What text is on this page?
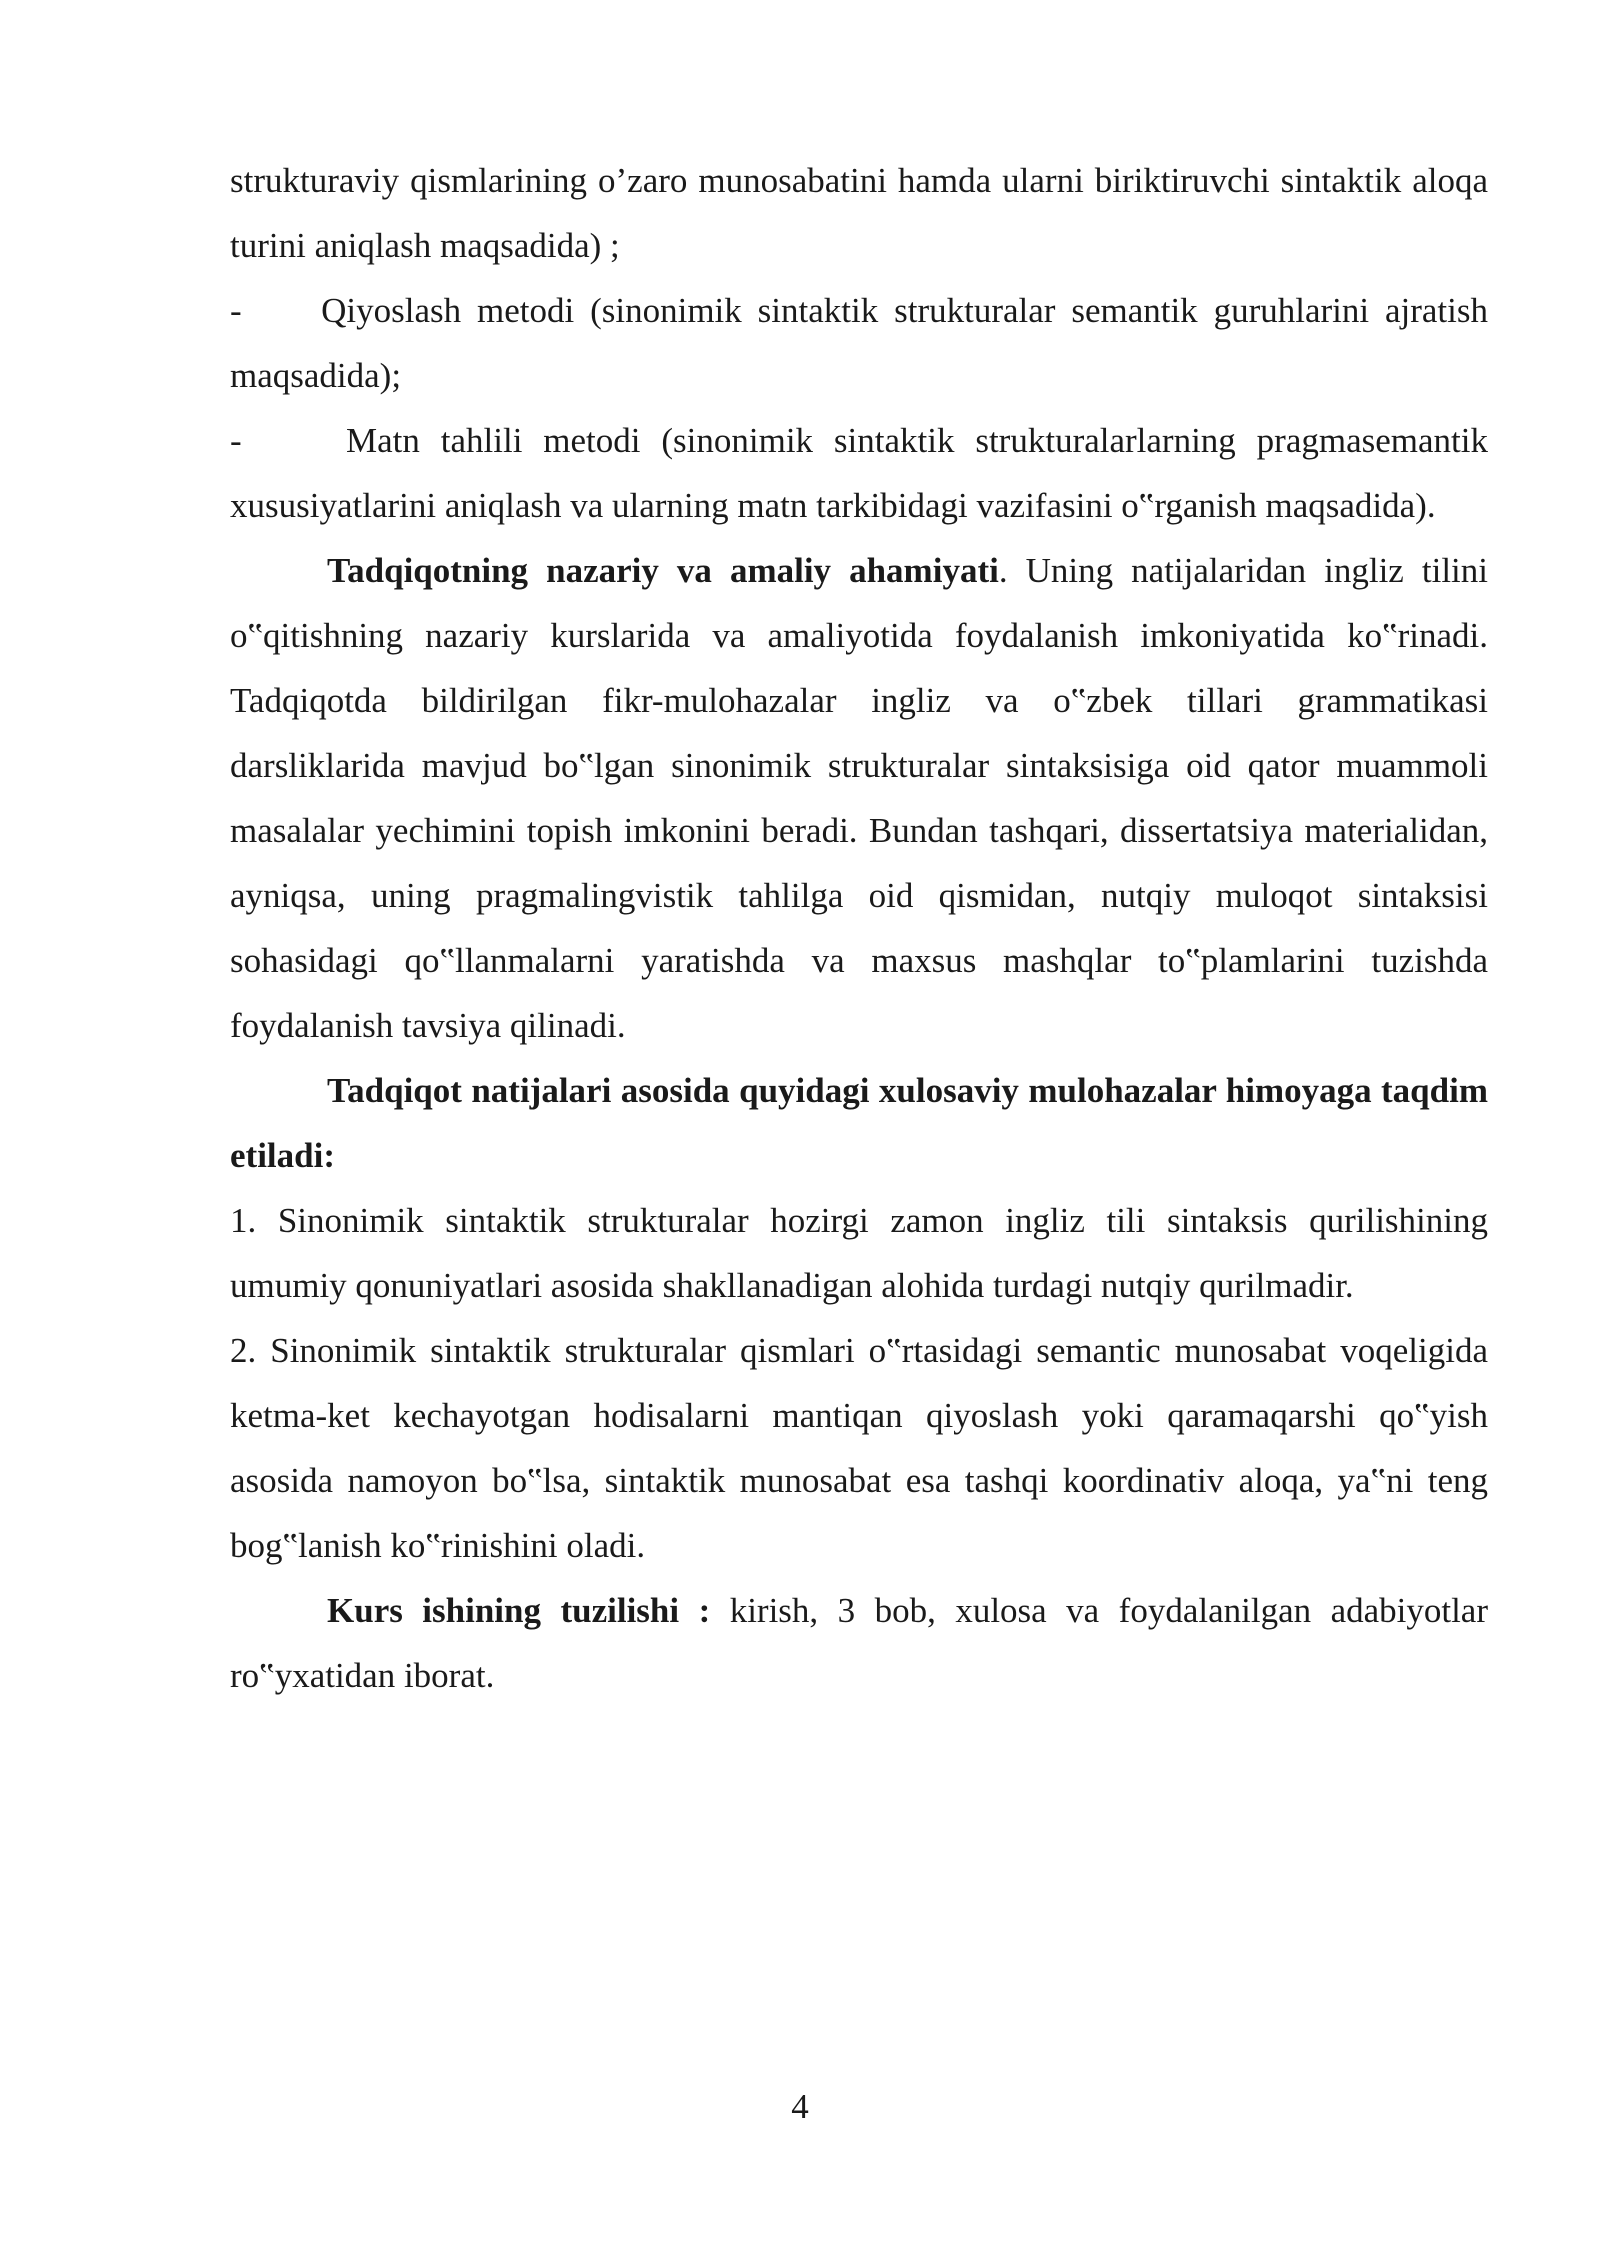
strukturaviy qismlarining o’zaro munosabatini hamda ularni biriktiruvchi sintaktik aloqa turini aniqlash maqsadida) ;

-     Qiyoslash metodi (sinonimik sintaktik strukturalar semantik guruhlarini ajratish maqsadida);

-     Matn tahlili metodi (sinonimik sintaktik strukturalarlarning pragmasemantik xususiyatlarini aniqlash va ularning matn tarkibidagi vazifasini o‟rganish maqsadida).

Tadqiqotning nazariy va amaliy ahamiyati. Uning natijalaridan ingliz tilini o‟qitishning nazariy kurslarida va amaliyotida foydalanish imkoniyatida ko‟rinadi. Tadqiqotda bildirilgan fikr-mulohazalar ingliz va o‟zbek tillari grammatikasi darsliklarida mavjud bo‟lgan sinonimik strukturalar sintaksisiga oid qator muammoli masalalar yechimini topish imkonini beradi. Bundan tashqari, dissertatsiya materialidan, ayniqsa, uning pragmalingvistik tahlilga oid qismidan, nutqiy muloqot sintaksisi sohasidagi qo‟llanmalarni yaratishda va maxsus mashqlar to‟plamlarini tuzishda foydalanish tavsiya qilinadi.

Tadqiqot natijalari asosida quyidagi xulosaviy mulohazalar himoyaga taqdim etiladi:

1. Sinonimik sintaktik strukturalar hozirgi zamon ingliz tili sintaksis qurilishining umumiy qonuniyatlari asosida shakllanadigan alohida turdagi nutqiy qurilmadir.

2. Sinonimik sintaktik strukturalar qismlari o‟rtasidagi semantic munosabat voqeligida ketma-ket kechayotgan hodisalarni mantiqan qiyoslash yoki qaramaqarshi qo‟yish asosida namoyon bo‟lsa, sintaktik munosabat esa tashqi koordinativ aloqa, ya‟ni teng bog‟lanish ko‟rinishini oladi.

Kurs ishining tuzilishi : kirish, 3 bob, xulosa va foydalanilgan adabiyotlar ro‟yxatidan iborat.

4
